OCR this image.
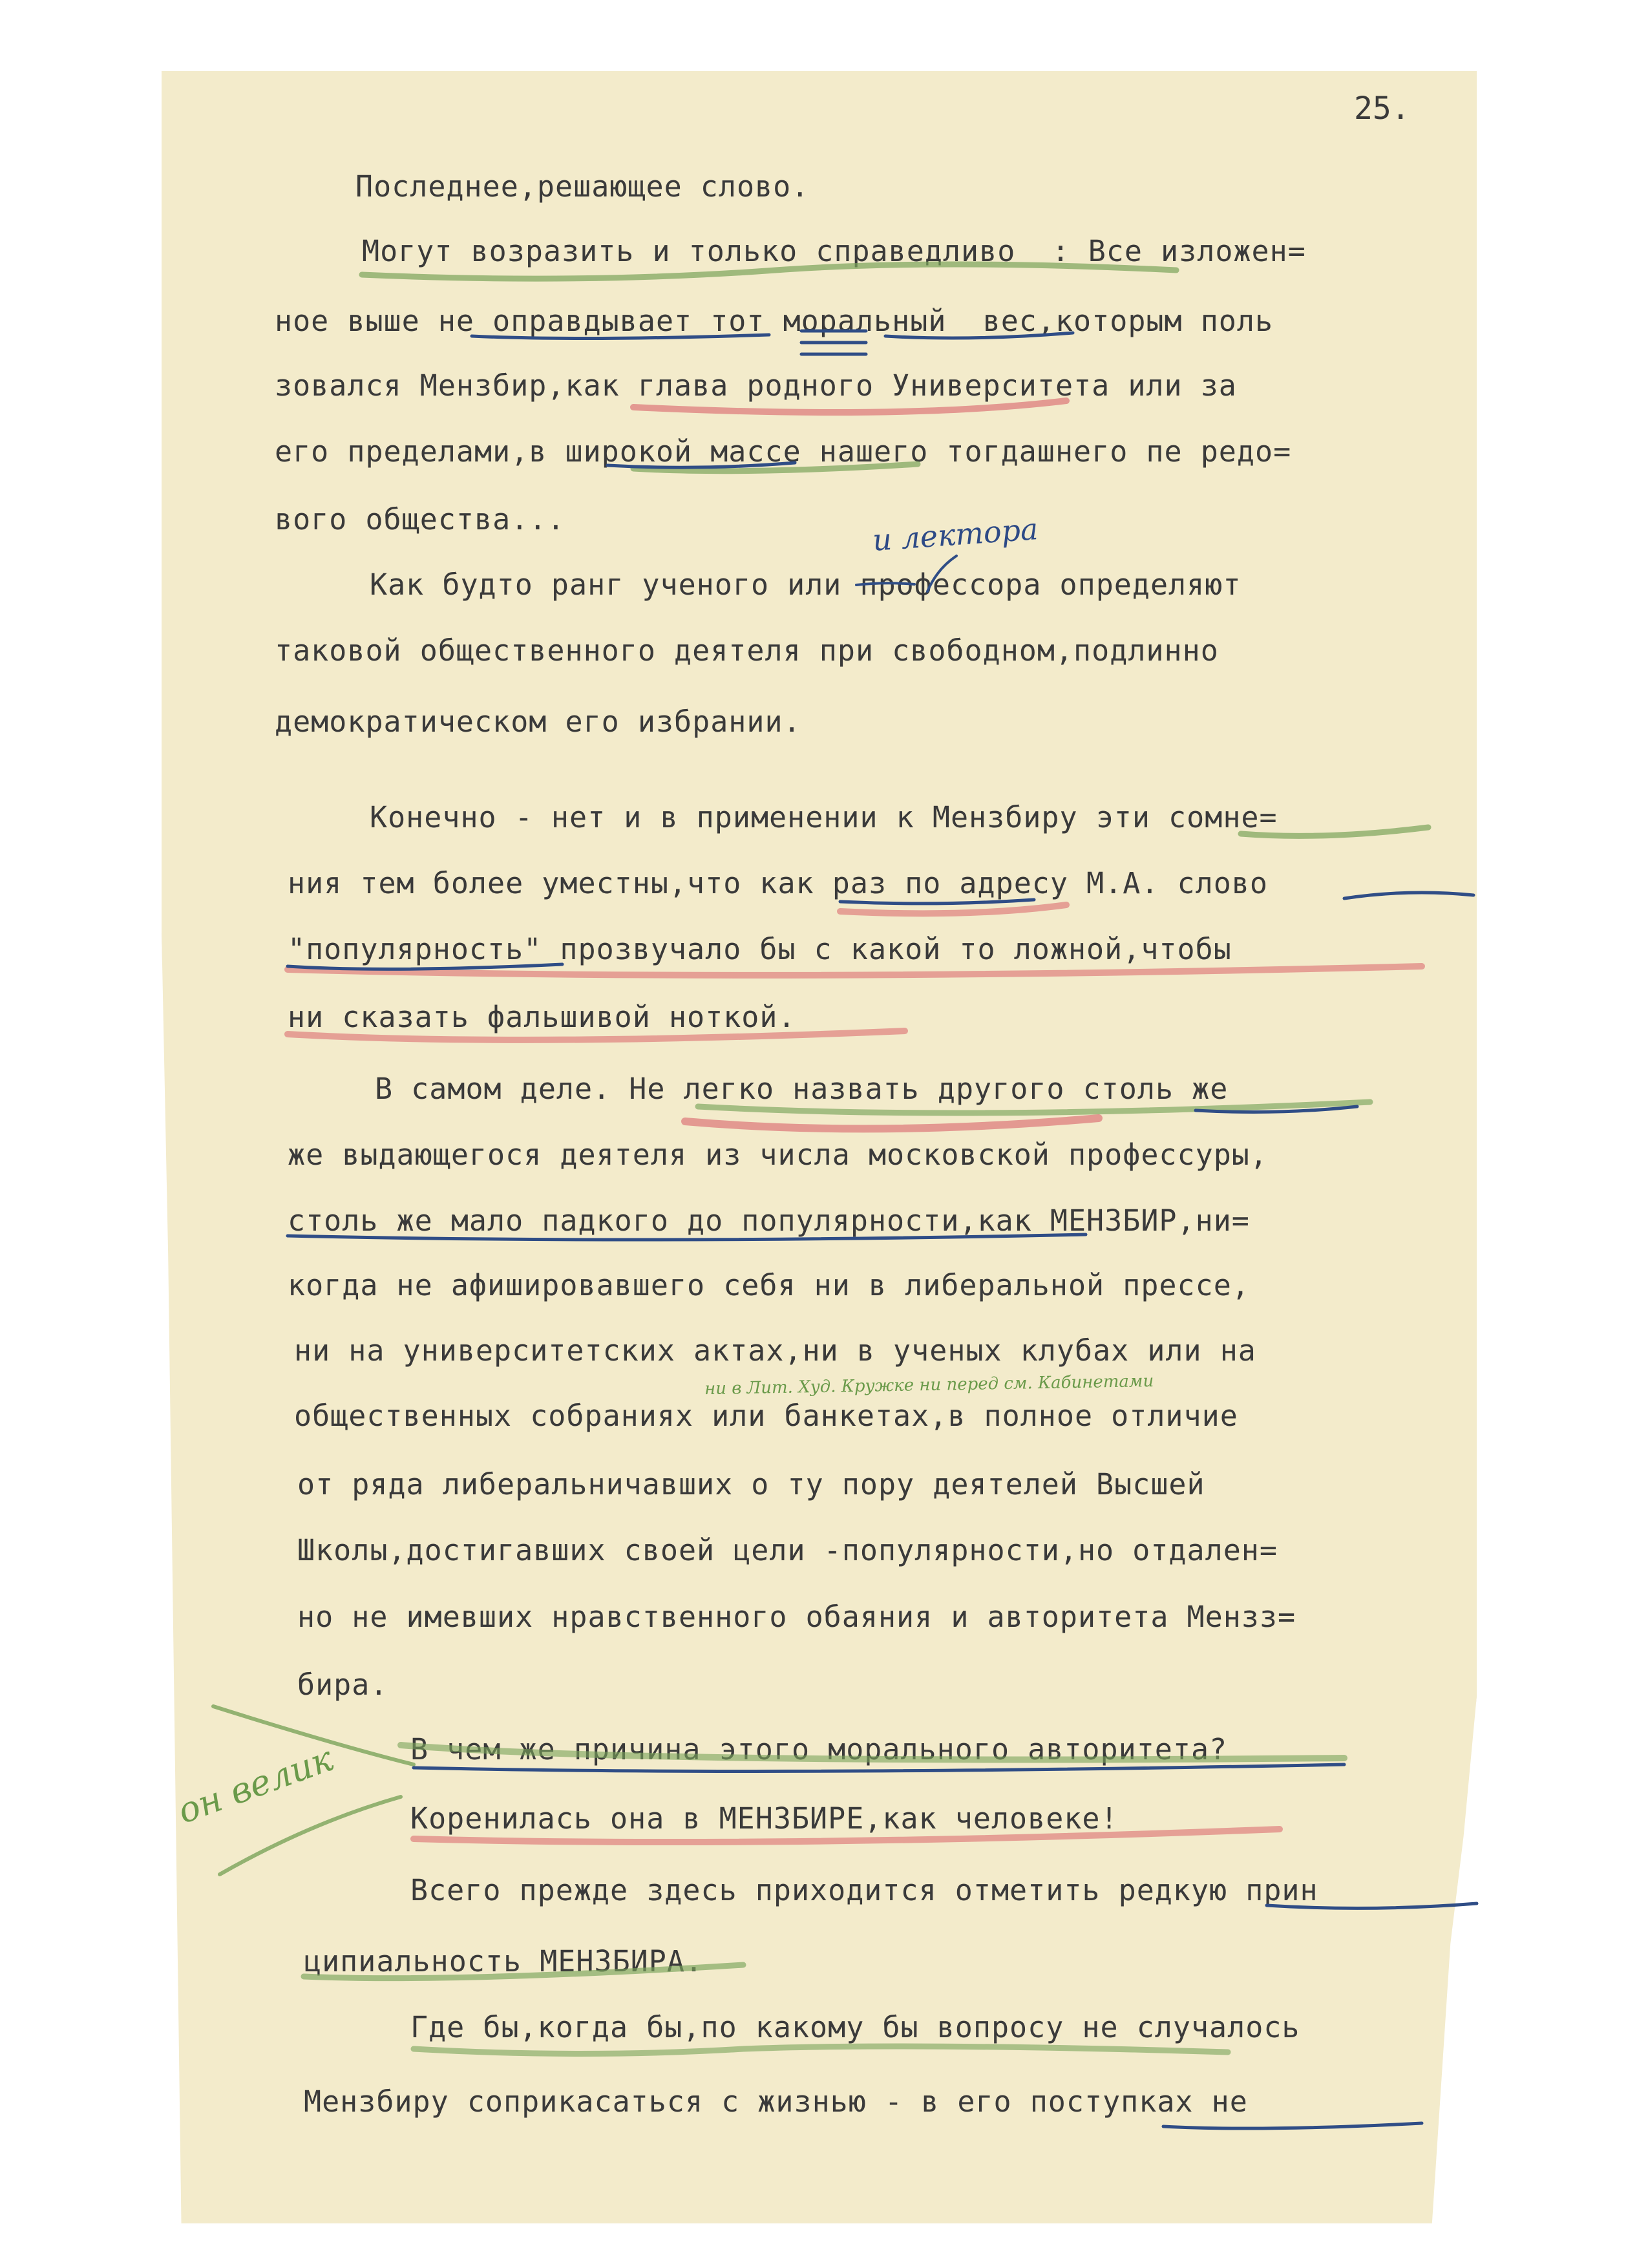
25.

Последнее,решающее слово.

Могут возразить и только справедливо  : Все изложен=

ное выше не оправдывает тот моральный  вес,которым поль

зовался Мензбир,как глава родного Университета или за

его пределами,в широкой массе нашего тогдашнего пе редо=

вого общества...

Как будто ранг ученого или профессора определяют

таковой общественного деятеля при свободном,подлинно

демократическом его избрании.

Конечно - нет и в применении к Мензбиру эти сомне=

ния тем более уместны,что как раз по адресу М.А. слово

"популярность" прозвучало бы с какой то ложной,чтобы

ни сказать фальшивой ноткой.

В самом деле. Не легко назвать другого столь же

же выдающегося деятеля из числа московской профессуры,

столь же мало падкого до популярности,как МЕНЗБИР,ни=

когда не афишировавшего себя ни в либеральной прессе,

ни на университетских актах,ни в ученых клубах или на

общественных собраниях или банкетах,в полное отличие

от ряда либеральничавших о ту пору деятелей Высшей

Школы,достигавших своей цели -популярности,но отдален=

но не имевших нравственного обаяния и авторитета Мензз=

бира.

В чем же причина этого морального авторитета?

Коренилась она в МЕНЗБИРЕ,как человеке!

Всего прежде здесь приходится отметить редкую прин

ципиальность МЕНЗБИРА.

Где бы,когда бы,по какому бы вопросу не случалось

Мензбиру соприкасаться с жизнью - в его поступках не

и лектора

ни в Лит. Худ. Кружке ни перед см. Кабинетами

он велик
